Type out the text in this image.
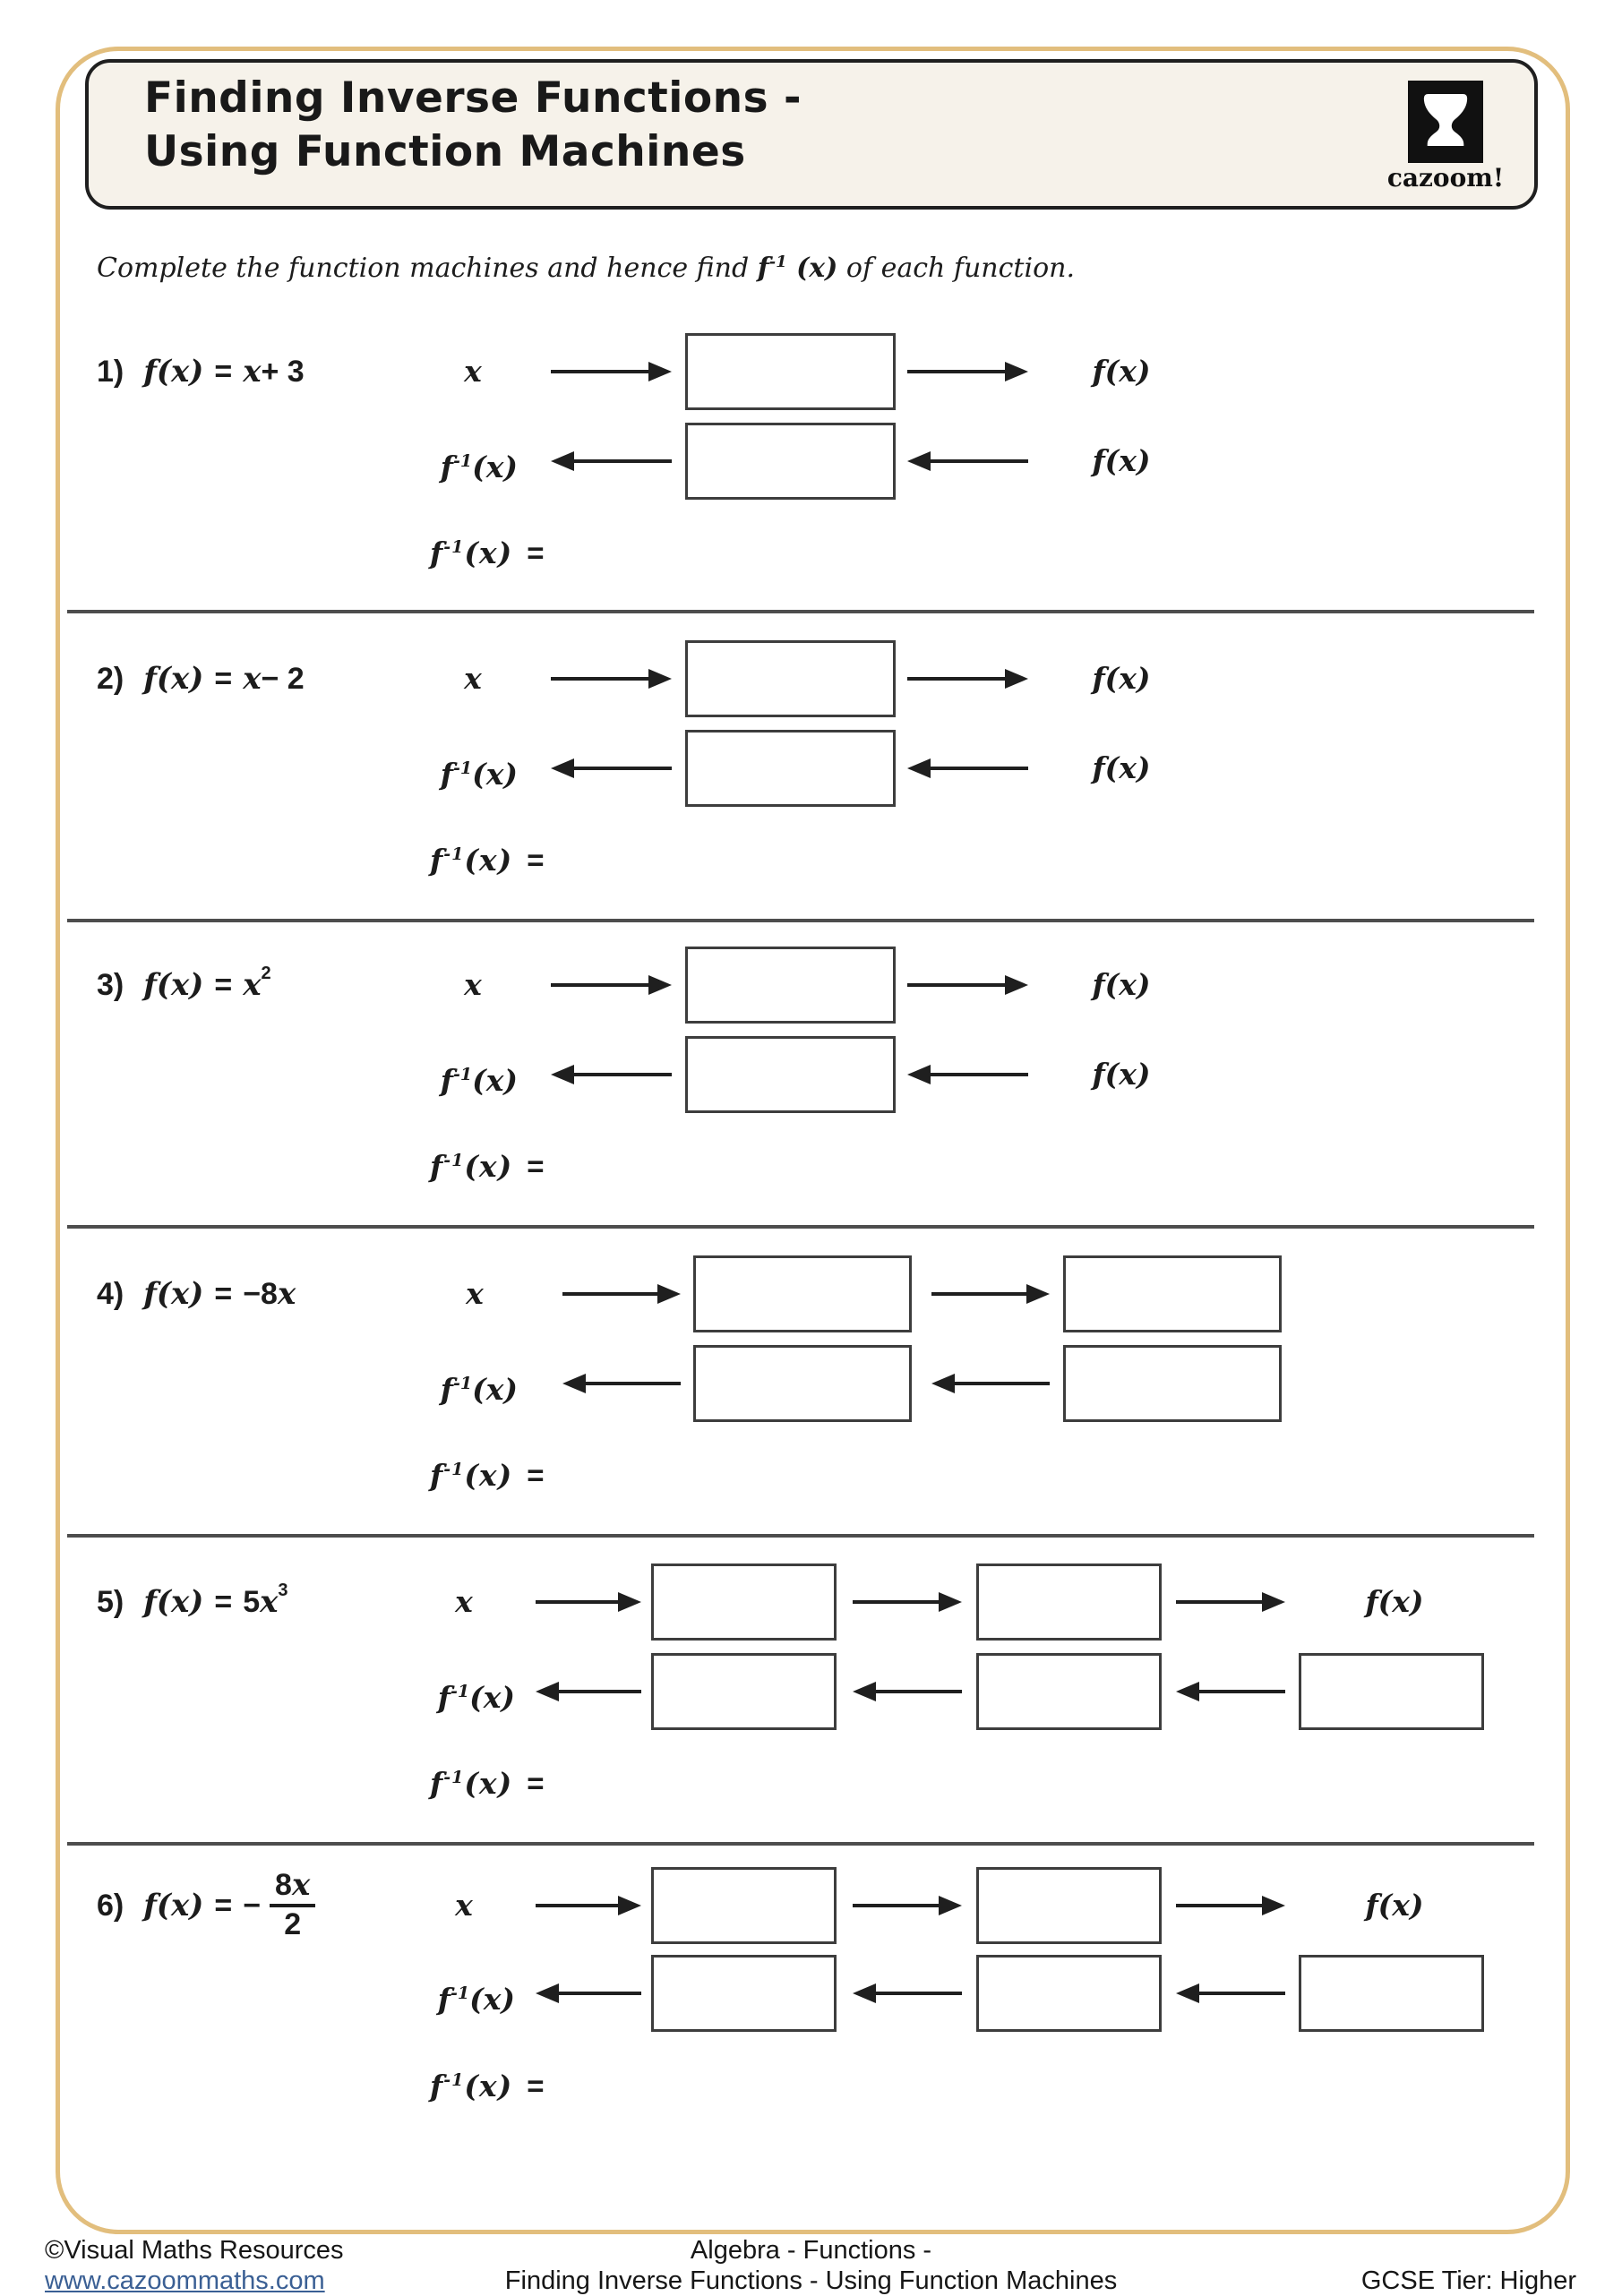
Finding Inverse Functions -
Using Function Machines
cazoom!
Complete the function machines and hence find $f^{-1}$ (x) of each function.
1) f (x) = x + 3	x	f(x)
$f^{-1}(x)$	f(x)
$f^{-1}(x)$ =
2) f (x) = x − 2	x	f(x)
$f^{-1}(x)$	f(x)
$f^{-1}(x)$ =
3) f (x) = x 2	x	f(x)
$f^{-1}(x)$	f(x)
$f^{-1}(x)$ =
4) f (x) = −8 x	x
$f^{-1}(x)$
$f^{-1}(x)$ =
5) f (x) = 5 x 3	x	f(x)
$f^{-1}(x)$
$f^{-1}(x)$ =
6) f (x) = − $\frac{8x}{2}$	x	f(x)
$f^{-1}(x)$
$f^{-1}(x)$ =
©Visual Maths Resources
www.cazoommaths.com
Algebra - Functions -
Finding Inverse Functions - Using Function Machines	GCSE Tier: Higher
